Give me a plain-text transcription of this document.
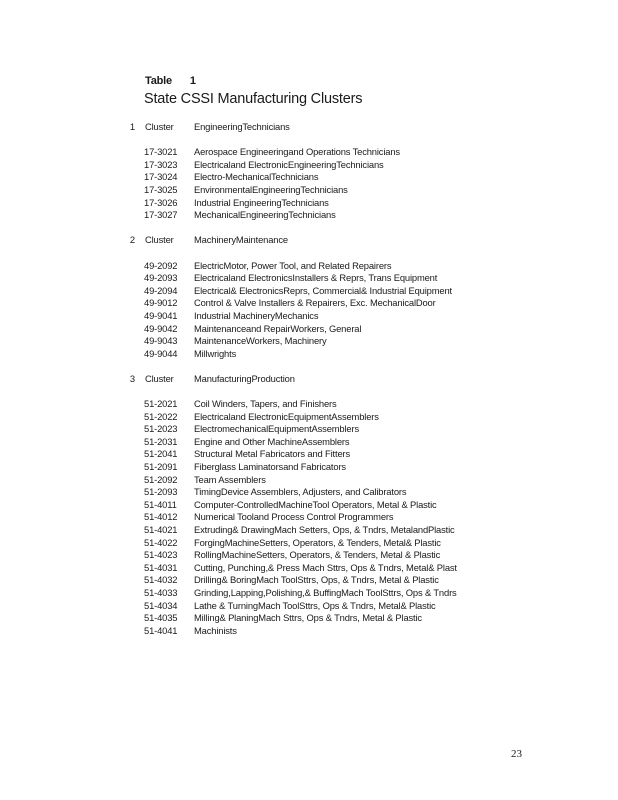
Table 1
State CSSI Manufacturing Clusters
1 Cluster EngineeringTechnicians
17-3021 Aerospace Engineeringand Operations Technicians
17-3023 Electricaland ElectronicEngineeringTechnicians
17-3024 Electro-MechanicalTechnicians
17-3025 EnvironmentalEngineeringTechnicians
17-3026 Industrial EngineeringTechnicians
17-3027 MechanicalEngineeringTechnicians
2 Cluster MachineryMaintenance
49-2092 ElectricMotor, Power Tool, and Related Repairers
49-2093 Electricaland ElectronicsInstallers & Reprs, Trans Equipment
49-2094 Electrical& ElectronicsReprs, Commercial& Industrial Equipment
49-9012 Control & Valve Installers & Repairers, Exc. MechanicalDoor
49-9041 Industrial MachineryMechanics
49-9042 Maintenanceand RepairWorkers, General
49-9043 MaintenanceWorkers, Machinery
49-9044 Millwrights
3 Cluster ManufacturingProduction
51-2021 Coil Winders, Tapers, and Finishers
51-2022 Electricaland ElectronicEquipmentAssemblers
51-2023 ElectromechanicalEquipmentAssemblers
51-2031 Engine and Other MachineAssemblers
51-2041 Structural Metal Fabricators and Fitters
51-2091 Fiberglass Laminatorsand Fabricators
51-2092 Team Assemblers
51-2093 TimingDevice Assemblers, Adjusters, and Calibrators
51-4011 Computer-ControlledMachineTool Operators, Metal & Plastic
51-4012 Numerical Tooland Process Control Programmers
51-4021 Extruding& DrawingMach Setters, Ops, & Tndrs, MetalandPlastic
51-4022 ForgingMachineSetters, Operators, & Tenders, Metal& Plastic
51-4023 RollingMachineSetters, Operators, & Tenders, Metal & Plastic
51-4031 Cutting, Punching,& Press Mach Sttrs, Ops & Tndrs, Metal& Plast
51-4032 Drilling& BoringMach ToolSttrs, Ops, & Tndrs, Metal & Plastic
51-4033 Grinding,Lapping,Polishing,& BuffingMach ToolSttrs, Ops & Tndrs
51-4034 Lathe & TurningMach ToolSttrs, Ops & Tndrs, Metal& Plastic
51-4035 Milling& PlaningMach Sttrs, Ops & Tndrs, Metal & Plastic
51-4041 Machinists
23
